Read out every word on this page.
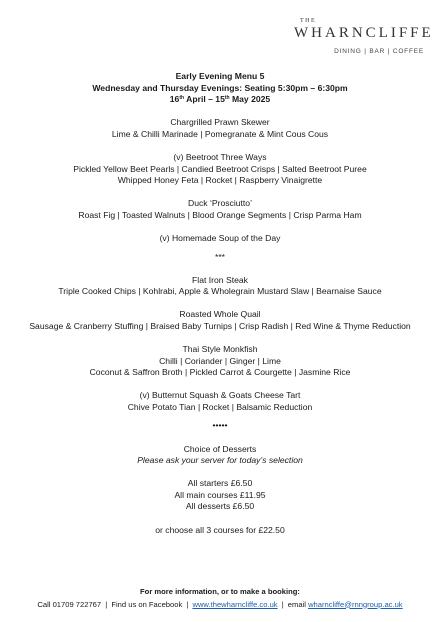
THE
WHARNCLIFFE
DINING | BAR | COFFEE
Early Evening Menu 5
Wednesday and Thursday Evenings: Seating 5:30pm – 6:30pm
16th April – 15th May 2025
Chargrilled Prawn Skewer
Lime & Chilli Marinade | Pomegranate & Mint Cous Cous
(v) Beetroot Three Ways
Pickled Yellow Beet Pearls | Candied Beetroot Crisps | Salted Beetroot Puree
Whipped Honey Feta | Rocket | Raspberry Vinaigrette
Duck ‘Prosciutto’
Roast Fig | Toasted Walnuts | Blood Orange Segments | Crisp Parma Ham
(v) Homemade Soup of the Day
***
Flat Iron Steak
Triple Cooked Chips | Kohlrabi, Apple & Wholegrain Mustard Slaw | Bearnaise Sauce
Roasted Whole Quail
Sausage & Cranberry Stuffing | Braised Baby Turnips | Crisp Radish | Red Wine & Thyme Reduction
Thai Style Monkfish
Chilli | Coriander | Ginger | Lime
Coconut & Saffron Broth | Pickled Carrot & Courgette | Jasmine Rice
(v) Butternut Squash & Goats Cheese Tart
Chive Potato Tian | Rocket | Balsamic Reduction
•••••
Choice of Desserts
Please ask your server for today’s selection
All starters £6.50
All main courses £11.95
All desserts £6.50
or choose all 3 courses for £22.50
For more information, or to make a booking:
Call 01709 722767 | Find us on Facebook | www.thewharncliffe.co.uk | email wharncliffe@rnngroup.ac.uk
